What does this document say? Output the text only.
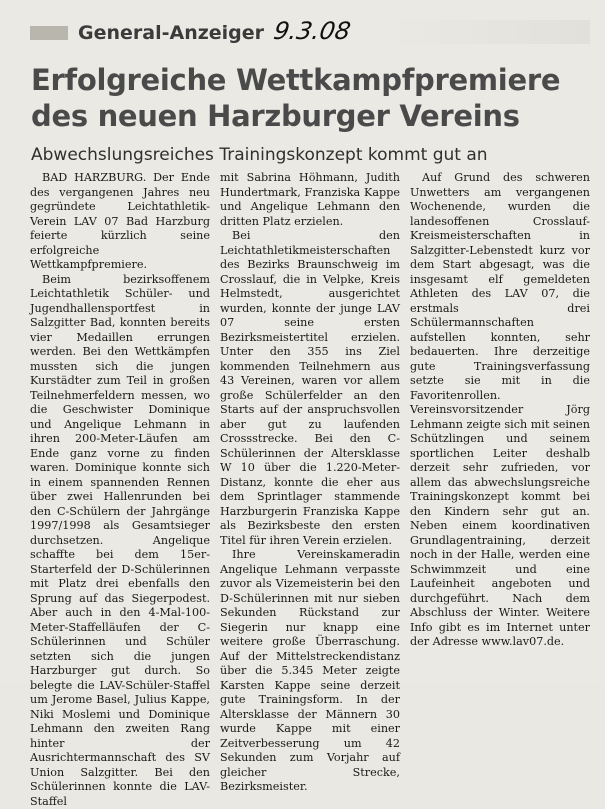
General-Anzeiger 9.3.08
Erfolgreiche Wettkampfpremiere des neuen Harzburger Vereins
Abwechslungsreiches Trainingskonzept kommt gut an

BAD HARZBURG. Der Ende des vergangenen Jahres neu gegründete Leichtathletik-Verein LAV 07 Bad Harzburg feierte kürzlich seine erfolgreiche Wettkampfpremiere.

Beim bezirksoffenem Leichtathletik Schüler- und Jugendhallensportfest in Salzgitter Bad, konnten bereits vier Medaillen errungen werden. Bei den Wettkämpfen mussten sich die jungen Kurstädter zum Teil in großen Teilnehmerfeldern messen, wo die Geschwister Dominique und Angelique Lehmann in ihren 200-Meter-Läufen am Ende ganz vorne zu finden waren. Dominique konnte sich in einem spannenden Rennen über zwei Hallenrunden bei den C-Schülern der Jahrgänge 1997/1998 als Gesamtsieger durchsetzen. Angelique schaffte bei dem 15er-Starterfeld der D-Schülerinnen mit Platz drei ebenfalls den Sprung auf das Siegerpodest. Aber auch in den 4-Mal-100-Meter-Staffelläufen der C-Schülerinnen und Schüler setzten sich die jungen Harzburger gut durch. So belegte die LAV-Schüler-Staffel um Jerome Basel, Julius Kappe, Niki Moslemi und Dominique Lehmann den zweiten Rang hinter der Ausrichtermannschaft des SV Union Salzgitter. Bei den Schülerinnen konnte die LAV-Staffel

mit Sabrina Höhmann, Judith Hundertmark, Franziska Kappe und Angelique Lehmann den dritten Platz erzielen.

Bei den Leichtathletikmeisterschaften des Bezirks Braunschweig im Crosslauf, die in Velpke, Kreis Helmstedt, ausgerichtet wurden, konnte der junge LAV 07 seine ersten Bezirksmeistertitel erzielen. Unter den 355 ins Ziel kommenden Teilnehmern aus 43 Vereinen, waren vor allem große Schülerfelder an den Starts auf der anspruchsvollen aber gut zu laufenden Crossstrecke. Bei den C-Schülerinnen der Altersklasse W 10 über die 1.220-Meter-Distanz, konnte die eher aus dem Sprintlager stammende Harzburgerin Franziska Kappe als Bezirksbeste den ersten Titel für ihren Verein erzielen.

Ihre Vereinskameradin Angelique Lehmann verpasste zuvor als Vizemeisterin bei den D-Schülerinnen mit nur sieben Sekunden Rückstand zur Siegerin nur knapp eine weitere große Überraschung. Auf der Mittelstreckendistanz über die 5.345 Meter zeigte Karsten Kappe seine derzeit gute Trainingsform. In der Altersklasse der Männern 30 wurde Kappe mit einer Zeitverbesserung um 42 Sekunden zum Vorjahr auf gleicher Strecke, Bezirksmeister.

Auf Grund des schweren Unwetters am vergangenen Wochenende, wurden die landesoffenen Crosslauf-Kreismeisterschaften in Salzgitter-Lebenstedt kurz vor dem Start abgesagt, was die insgesamt elf gemeldeten Athleten des LAV 07, die erstmals drei Schülermannschaften aufstellen konnten, sehr bedauerten. Ihre derzeitige gute Trainingsverfassung setzte sie mit in die Favoritenrollen. Vereinsvorsitzender Jörg Lehmann zeigte sich mit seinen Schützlingen und seinem sportlichen Leiter deshalb derzeit sehr zufrieden, vor allem das abwechslungsreiche Trainingskonzept kommt bei den Kindern sehr gut an. Neben einem koordinativen Grundlagentraining, derzeit noch in der Halle, werden eine Schwimmzeit und eine Laufeinheit angeboten und durchgeführt. Nach dem Abschluss der Winter. Weitere Info gibt es im Internet unter der Adresse www.lav07.de.
